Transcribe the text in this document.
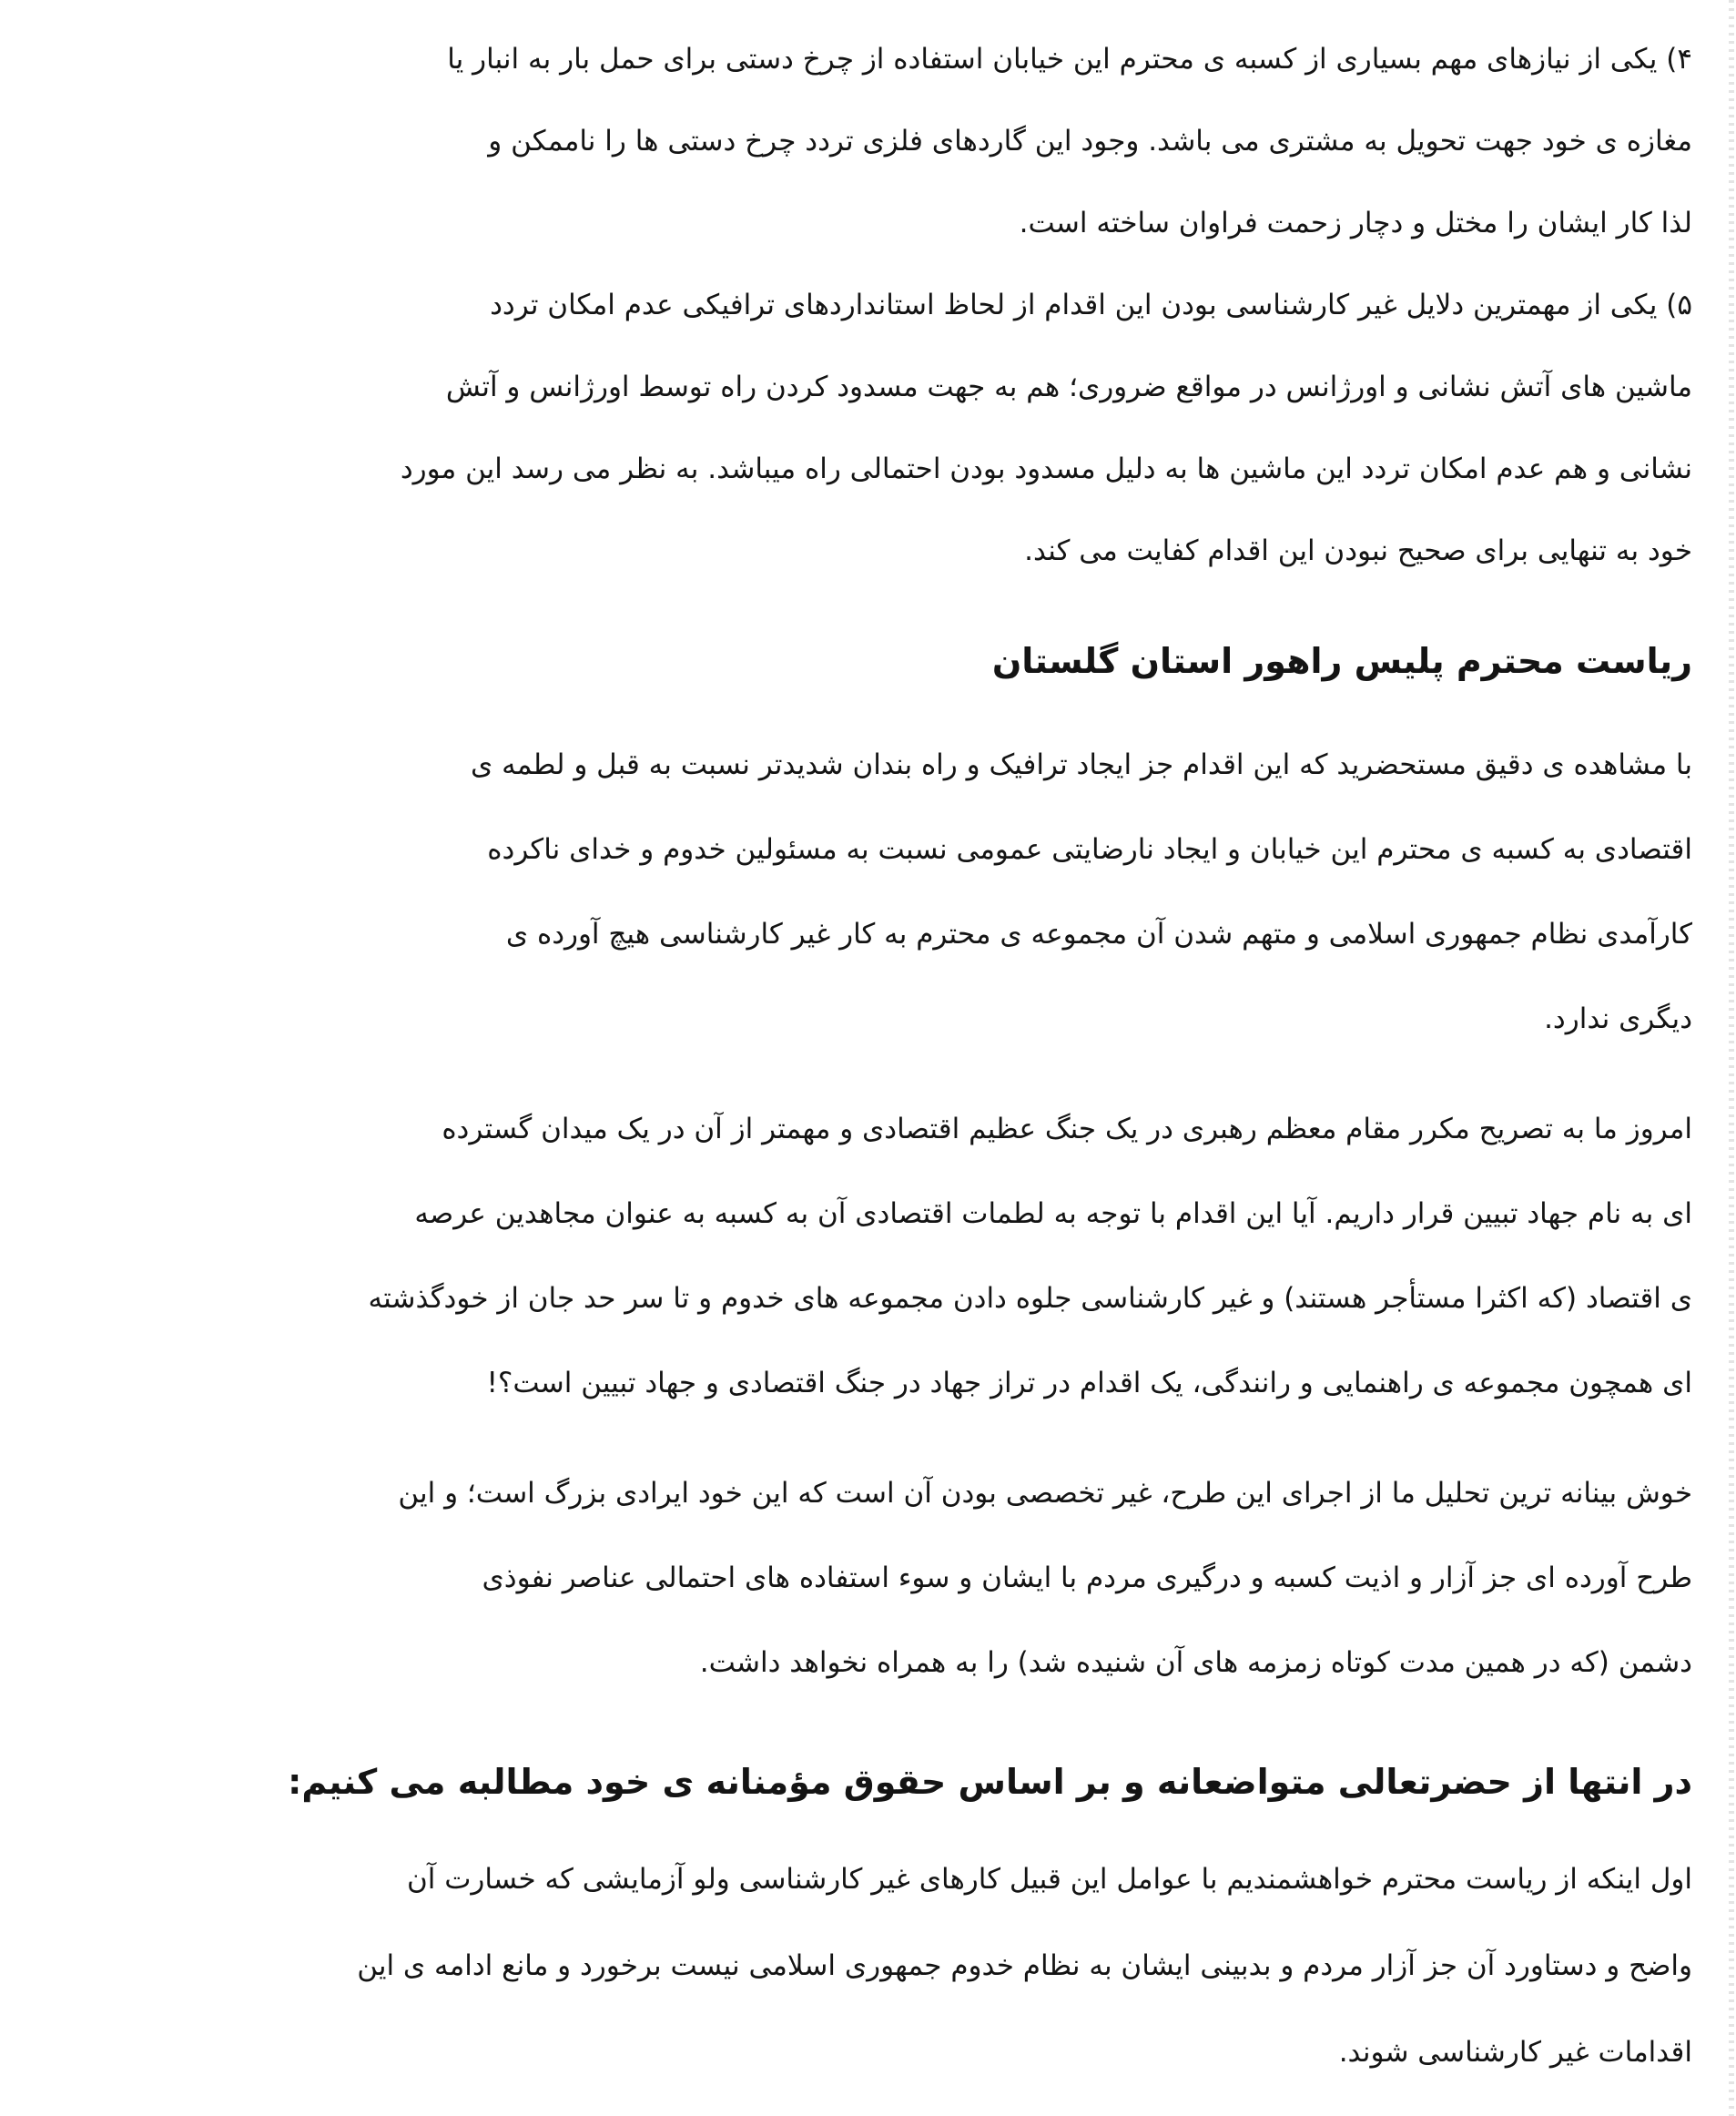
۴) یکی از نیازهای مهم بسیاری از کسبه ی محترم این خیابان استفاده از چرخ دستی برای حمل بار به انبار یا
مغازه ی خود جهت تحویل به مشتری می باشد. وجود این گاردهای فلزی تردد چرخ دستی ها را ناممکن و
لذا کار ایشان را مختل و دچار زحمت فراوان ساخته است.
۵) یکی از مهمترین دلایل غیر کارشناسی بودن این اقدام از لحاظ استانداردهای ترافیکی عدم امکان تردد
ماشین های آتش نشانی و اورژانس در مواقع ضروری؛ هم به جهت مسدود کردن راه توسط اورژانس و آتش
نشانی و هم عدم امکان تردد این ماشین ها به دلیل مسدود بودن احتمالی راه میباشد. به نظر می رسد این مورد
خود به تنهایی برای صحیح نبودن این اقدام کفایت می کند.
ریاست محترم پلیس راهور استان گلستان
با مشاهده ی دقیق مستحضرید که این اقدام جز ایجاد ترافیک و راه بندان شدیدتر نسبت به قبل و لطمه ی
اقتصادی به کسبه ی محترم این خیابان و ایجاد نارضایتی عمومی نسبت به مسئولین خدوم و خدای ناکرده
کارآمدی نظام جمهوری اسلامی و متهم شدن آن مجموعه ی محترم به کار غیر کارشناسی هیچ آورده ی
دیگری ندارد.
امروز ما به تصریح مکرر مقام معظم رهبری در یک جنگ عظیم اقتصادی و مهمتر از آن در یک میدان گسترده
ای به نام جهاد تبیین قرار داریم. آیا این اقدام با توجه به لطمات اقتصادی آن به کسبه به عنوان مجاهدین عرصه
ی اقتصاد (که اکثرا مستأجر هستند) و غیر کارشناسی جلوه دادن مجموعه های خدوم و تا سر حد جان از خودگذشته
ای همچون مجموعه ی راهنمایی و رانندگی، یک اقدام در تراز جهاد در جنگ اقتصادی و جهاد تبیین است؟!
خوش بینانه ترین تحلیل ما از اجرای این طرح، غیر تخصصی بودن آن است که این خود ایرادی بزرگ است؛ و این
طرح آورده ای جز آزار و اذیت کسبه و درگیری مردم با ایشان و سوء استفاده های احتمالی عناصر نفوذی
دشمن (که در همین مدت کوتاه زمزمه های آن شنیده شد) را به همراه نخواهد داشت.
در انتها از حضرتعالی متواضعانه و بر اساس حقوق مؤمنانه ی خود مطالبه می کنیم:
اول اینکه از ریاست محترم خواهشمندیم با عوامل این قبیل کارهای غیر کارشناسی ولو آزمایشی که خسارت آن
واضح و دستاورد آن جز آزار مردم و بدبینی ایشان به نظام خدوم جمهوری اسلامی نیست برخورد و مانع ادامه ی این
اقدامات غیر کارشناسی شوند.
